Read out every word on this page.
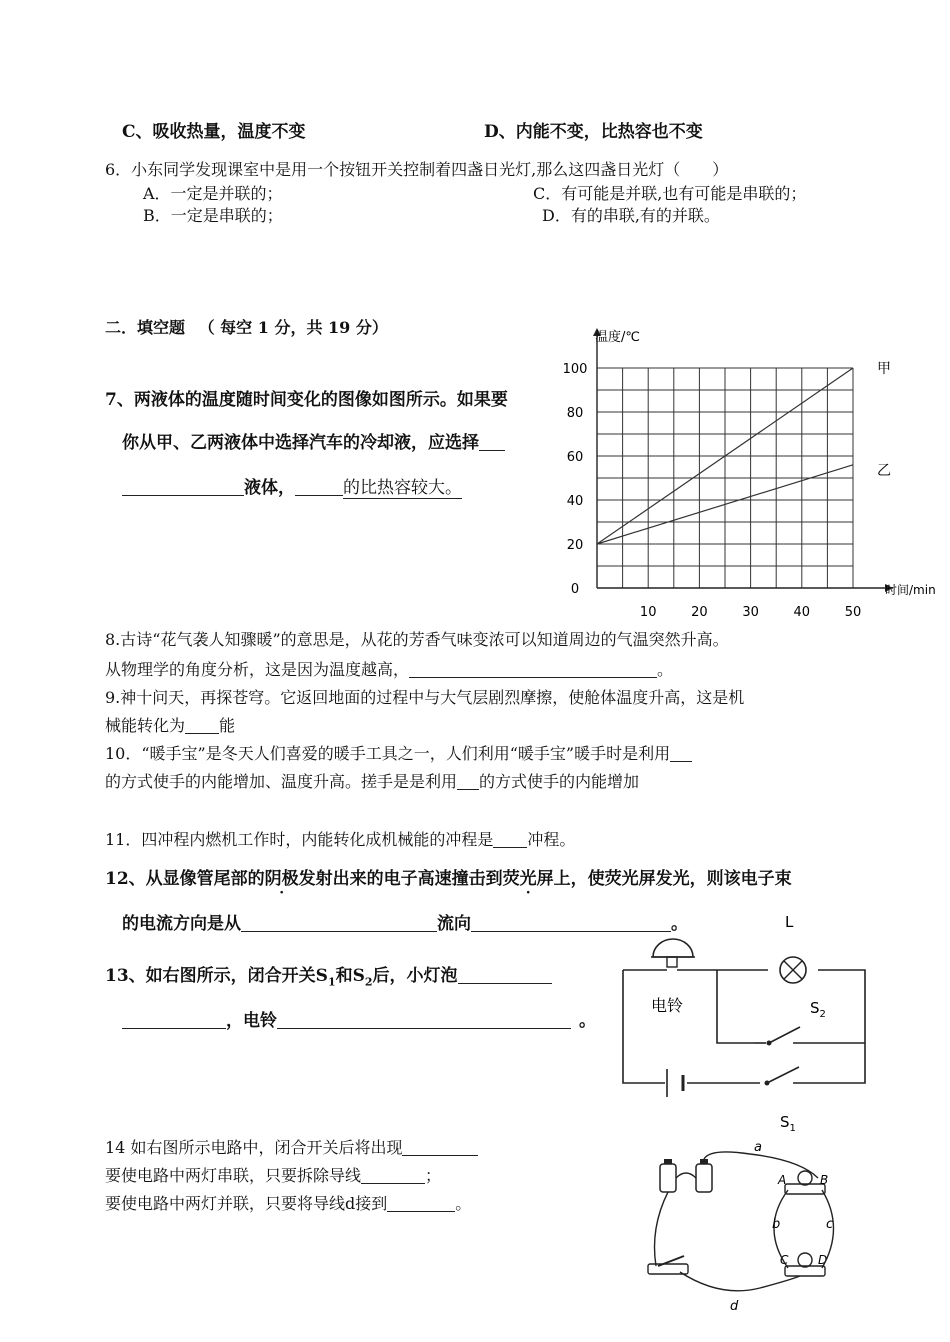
C、吸收热量，温度不变	D、内能不变，比热容也不变
6．小东同学发现课室中是用一个按钮开关控制着四盏日光灯,那么这四盏日光灯（　　）
A．一定是并联的；	C．有可能是并联,也有可能是串联的；
B．一定是串联的；	D．有的串联,有的并联。
二．填空题 （ 每空 1 分，共 19 分）
7、两液体的温度随时间变化的图像如图所示。如果要
你从甲、乙两液体中选择汽车的冷却液，应选择
液体，	的比热容较大。
10	20	30	40	50
0
20
40
60
80
100
温度/℃
时间/min
甲
乙
8.古诗“花气袭人知骤暖”的意思是，从花的芳香气味变浓可以知道周边的气温突然升高。
从物理学的角度分析，这是因为温度越高，	。
9.神十问天，再探苍穹。它返回地面的过程中与大气层剧烈摩擦，使舱体温度升高，这是机
械能转化为 能
10．“暖手宝”是冬天人们喜爱的暖手工具之一，人们利用“暖手宝”暖手时是利用
的方式使手的内能增加、温度升高。搓手是是利用 的方式使手的内能增加
11．四冲程内燃机工作时，内能转化成机械能的冲程是 冲程。
12、从显像管尾部的阴极发射出来的电子高速撞击到荧光屏上，使荧光屏发光，则该电子束
的电流方向是从	流向	。
13、如右图所示，闭合开关$S_1$和$S_2$后，小灯泡
，电铃	。
电铃
L
$S_2$
$S_1$
14 如右图所示电路中，闭合开关后将出现
要使电路中两灯串联，只要拆除导线	；
要使电路中两灯并联，只要将导线d接到	。
a
A	B
C D
b	c
d
